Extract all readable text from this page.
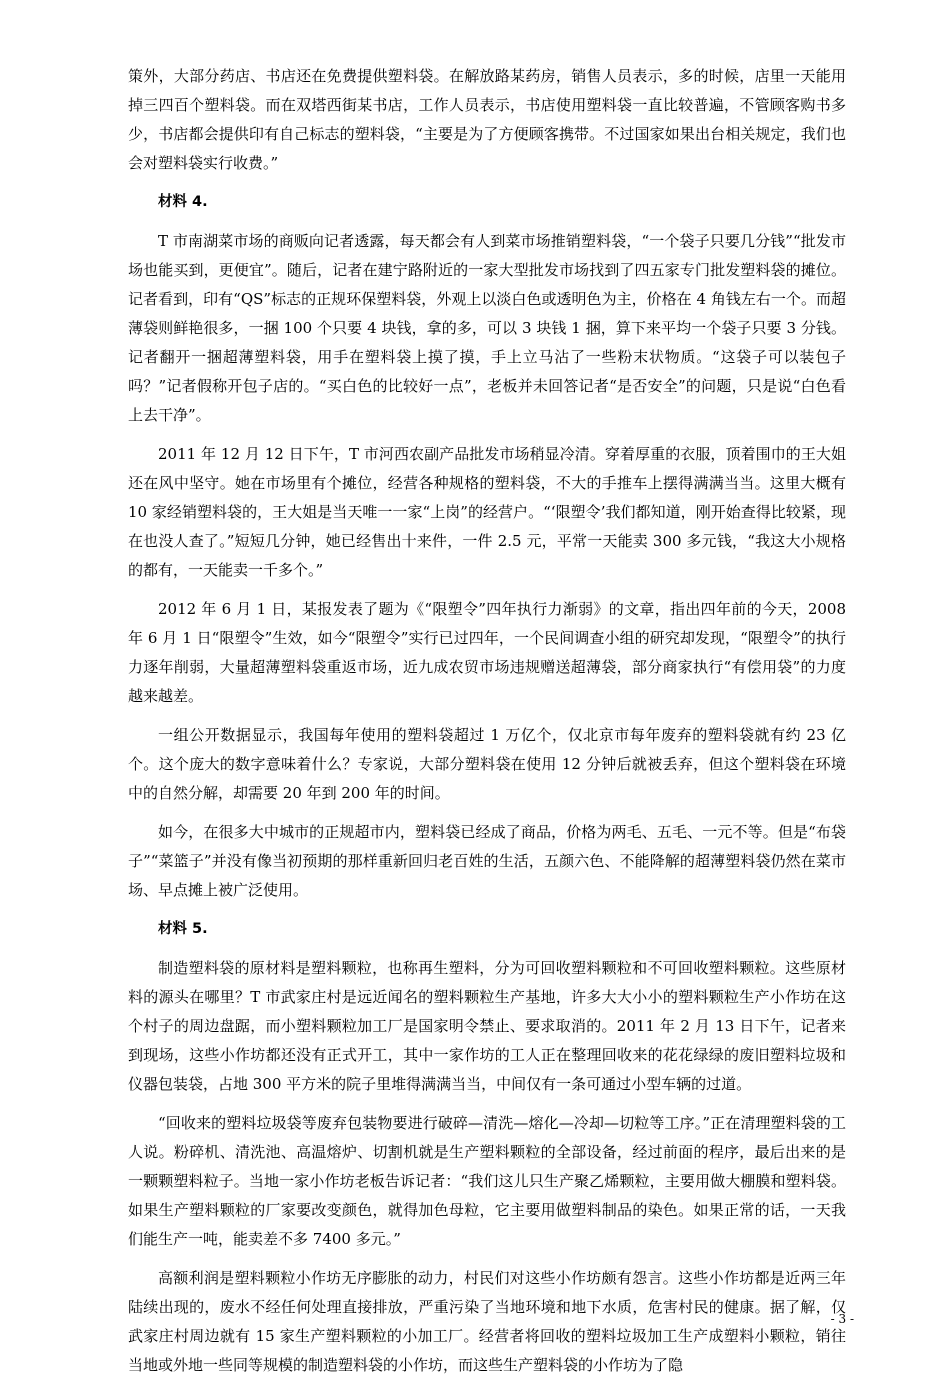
策外，大部分药店、书店还在免费提供塑料袋。在解放路某药房，销售人员表示，多的时候，店里一天能用掉三四百个塑料袋。而在双塔西街某书店，工作人员表示，书店使用塑料袋一直比较普遍，不管顾客购书多少，书店都会提供印有自己标志的塑料袋，“主要是为了方便顾客携带。不过国家如果出台相关规定，我们也会对塑料袋实行收费。”

材料 4.

T 市南湖菜市场的商贩向记者透露，每天都会有人到菜市场推销塑料袋，“一个袋子只要几分钱”“批发市场也能买到，更便宜”。随后，记者在建宁路附近的一家大型批发市场找到了四五家专门批发塑料袋的摊位。记者看到，印有“QS”标志的正规环保塑料袋，外观上以淡白色或透明色为主，价格在 4 角钱左右一个。而超薄袋则鲜艳很多，一捆 100 个只要 4 块钱，拿的多，可以 3 块钱 1 捆，算下来平均一个袋子只要 3 分钱。记者翻开一捆超薄塑料袋，用手在塑料袋上摸了摸，手上立马沾了一些粉末状物质。“这袋子可以装包子吗？”记者假称开包子店的。“买白色的比较好一点”，老板并未回答记者“是否安全”的问题，只是说“白色看上去干净”。

2011 年 12 月 12 日下午，T 市河西农副产品批发市场稍显冷清。穿着厚重的衣服，顶着围巾的王大姐还在风中坚守。她在市场里有个摊位，经营各种规格的塑料袋，不大的手推车上摆得满满当当。这里大概有 10 家经销塑料袋的，王大姐是当天唯一一家“上岗”的经营户。“‘限塑令’我们都知道，刚开始查得比较紧，现在也没人查了。”短短几分钟，她已经售出十来件，一件 2.5 元，平常一天能卖 300 多元钱，“我这大小规格的都有，一天能卖一千多个。”

2012 年 6 月 1 日，某报发表了题为《“限塑令”四年执行力渐弱》的文章，指出四年前的今天，2008 年 6 月 1 日“限塑令”生效，如今“限塑令”实行已过四年，一个民间调查小组的研究却发现，“限塑令”的执行力逐年削弱，大量超薄塑料袋重返市场，近九成农贸市场违规赠送超薄袋，部分商家执行“有偿用袋”的力度越来越差。

一组公开数据显示，我国每年使用的塑料袋超过 1 万亿个，仅北京市每年废弃的塑料袋就有约 23 亿个。这个庞大的数字意味着什么？专家说，大部分塑料袋在使用 12 分钟后就被丢弃，但这个塑料袋在环境中的自然分解，却需要 20 年到 200 年的时间。

如今，在很多大中城市的正规超市内，塑料袋已经成了商品，价格为两毛、五毛、一元不等。但是“布袋子”“菜篮子”并没有像当初预期的那样重新回归老百姓的生活，五颜六色、不能降解的超薄塑料袋仍然在菜市场、早点摊上被广泛使用。

材料 5.

制造塑料袋的原材料是塑料颗粒，也称再生塑料，分为可回收塑料颗粒和不可回收塑料颗粒。这些原材料的源头在哪里？T 市武家庄村是远近闻名的塑料颗粒生产基地，许多大大小小的塑料颗粒生产小作坊在这个村子的周边盘踞，而小塑料颗粒加工厂是国家明令禁止、要求取消的。2011 年 2 月 13 日下午，记者来到现场，这些小作坊都还没有正式开工，其中一家作坊的工人正在整理回收来的花花绿绿的废旧塑料垃圾和仪器包装袋，占地 300 平方米的院子里堆得满满当当，中间仅有一条可通过小型车辆的过道。

“回收来的塑料垃圾袋等废弃包装物要进行破碎—清洗—熔化—冷却—切粒等工序。”正在清理塑料袋的工人说。粉碎机、清洗池、高温熔炉、切割机就是生产塑料颗粒的全部设备，经过前面的程序，最后出来的是一颗颗塑料粒子。当地一家小作坊老板告诉记者：“我们这儿只生产聚乙烯颗粒，主要用做大棚膜和塑料袋。如果生产塑料颗粒的厂家要改变颜色，就得加色母粒，它主要用做塑料制品的染色。如果正常的话，一天我们能生产一吨，能卖差不多 7400 多元。”

高额利润是塑料颗粒小作坊无序膨胀的动力，村民们对这些小作坊颇有怨言。这些小作坊都是近两三年陆续出现的，废水不经任何处理直接排放，严重污染了当地环境和地下水质，危害村民的健康。据了解，仅武家庄村周边就有 15 家生产塑料颗粒的小加工厂。经营者将回收的塑料垃圾加工生产成塑料小颗粒，销往当地或外地一些同等规模的制造塑料袋的小作坊，而这些生产塑料袋的小作坊为了隐

- 3 -
